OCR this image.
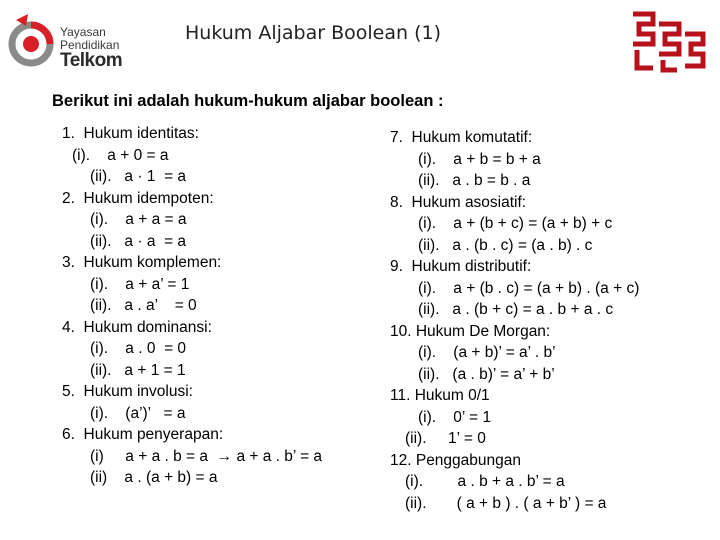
Yayasan
Pendidikan
Telkom
Hukum Aljabar Boolean (1)
Berikut ini adalah hukum-hukum aljabar boolean :
1.  Hukum identitas:
(i).    a + 0 = a
(ii).   a · 1  = a
2.  Hukum idempoten:
(i).    a + a = a
(ii).   a · a  = a
3.  Hukum komplemen:
(i).    a + a’ = 1
(ii).   a . a’    = 0
4.  Hukum dominansi:
(i).    a . 0  = 0
(ii).   a + 1 = 1
5.  Hukum involusi:
(i).    (a’)’   = a
6.  Hukum penyerapan:
(i)     a + a . b = a  → a + a . b’ = a
(ii)    a . (a + b) = a
7.  Hukum komutatif:
(i).    a + b = b + a
(ii).   a . b = b . a
8.  Hukum asosiatif:
(i).    a + (b + c) = (a + b) + c
(ii).   a . (b . c) = (a . b) . c
9.  Hukum distributif:
(i).    a + (b . c) = (a + b) . (a + c)
(ii).   a . (b + c) = a . b + a . c
10. Hukum De Morgan:
(i).    (a + b)’ = a’ . b’
(ii).   (a . b)’ = a’ + b’
11. Hukum 0/1
(i).    0’ = 1
(ii).     1’ = 0
12. Penggabungan
(i).        a . b + a . b’ = a
(ii).       ( a + b ) . ( a + b’ ) = a
